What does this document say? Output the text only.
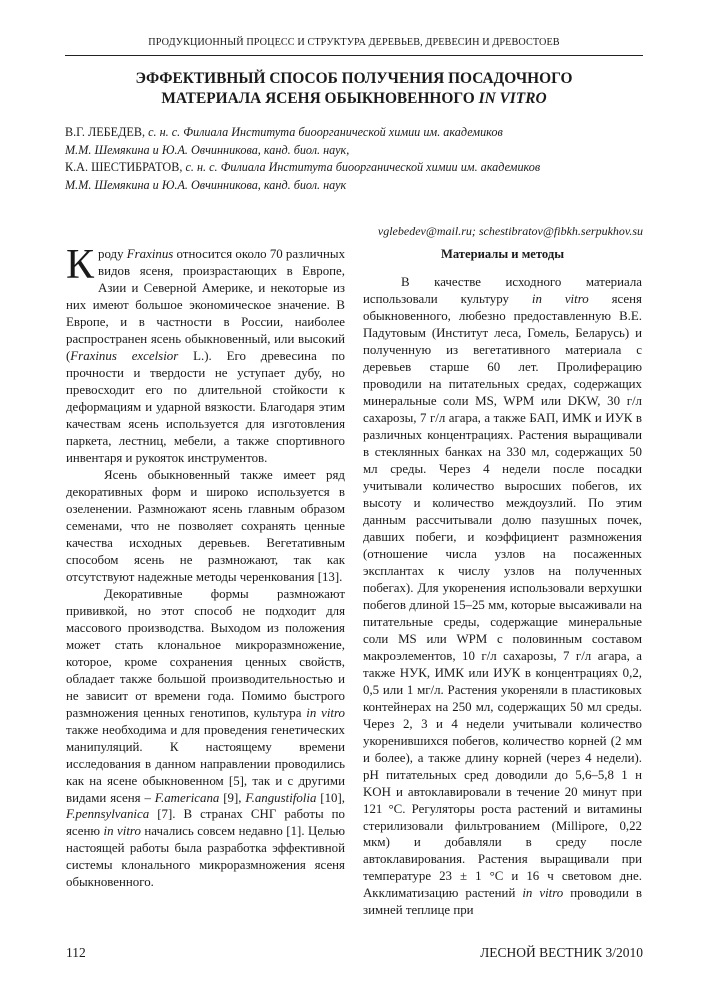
ПРОДУКЦИОННЫЙ ПРОЦЕСС И СТРУКТУРА ДЕРЕВЬЕВ, ДРЕВЕСИН И ДРЕВОСТОЕВ
ЭФФЕКТИВНЫЙ СПОСОБ ПОЛУЧЕНИЯ ПОСАДОЧНОГО
МАТЕРИАЛА ЯСЕНЯ ОБЫКНОВЕННОГО IN VITRO
В.Г. ЛЕБЕДЕВ, с. н. с. Филиала Института биоорганической химии им. академиков
М.М. Шемякина и Ю.А. Овчинникова, канд. биол. наук,
К.А. ШЕСТИБРАТОВ, с. н. с. Филиала Института биоорганической химии им. академиков
М.М. Шемякина и Ю.А. Овчинникова, канд. биол. наук
vglebedev@mail.ru; schestibratov@fibkh.serpukhov.su

Кроду Fraxinus относится около 70 различных видов ясеня, произрастающих в Европе, Азии и Северной Америке, и некоторые из них имеют большое экономическое значение. В Европе, и в частности в России, наиболее распространен ясень обыкновенный, или высокий (Fraxinus excelsior L.). Его древесина по прочности и твердости не уступает дубу, но превосходит его по длительной стойкости к деформациям и ударной вязкости. Благодаря этим качествам ясень используется для изготовления паркета, лестниц, мебели, а также спортивного инвентаря и рукояток инструментов.

Ясень обыкновенный также имеет ряд декоративных форм и широко используется в озеленении. Размножают ясень главным образом семенами, что не позволяет сохранять ценные качества исходных деревьев. Вегетативным способом ясень не размножают, так как отсутствуют надежные методы черенкования [13].

Декоративные формы размножают прививкой, но этот способ не подходит для массового производства. Выходом из положения может стать клональное микроразмножение, которое, кроме сохранения ценных свойств, обладает также большой производительностью и не зависит от времени года. Помимо быстрого размножения ценных генотипов, культура in vitro также необходима и для проведения генетических манипуляций. К настоящему времени исследования в данном направлении проводились как на ясене обыкновенном [5], так и с другими видами ясеня – F.americana [9], F.angustifolia [10], F.pennsylvanica [7]. В странах СНГ работы по ясеню in vitro начались совсем недавно [1]. Целью настоящей работы была разработка эффективной системы клонального микроразмножения ясеня обыкновенного.

Материалы и методы

В качестве исходного материала использовали культуру in vitro ясеня обыкновенного, любезно предоставленную В.Е. Падутовым (Институт леса, Гомель, Беларусь) и полученную из вегетативного материала с деревьев старше 60 лет. Пролиферацию проводили на питательных средах, содержащих минеральные соли MS, WPM или DKW, 30 г/л сахарозы, 7 г/л агара, а также БАП, ИМК и ИУК в различных концентрациях. Растения выращивали в стеклянных банках на 330 мл, содержащих 50 мл среды. Через 4 недели после посадки учитывали количество выросших побегов, их высоту и количество междоузлий. По этим данным рассчитывали долю пазушных почек, давших побеги, и коэффициент размножения (отношение числа узлов на посаженных эксплантах к числу узлов на полученных побегах). Для укоренения использовали верхушки побегов длиной 15–25 мм, которые высаживали на питательные среды, содержащие минеральные соли MS или WPM с половинным составом макроэлементов, 10 г/л сахарозы, 7 г/л агара, а также НУК, ИМК или ИУК в концентрациях 0,2, 0,5 или 1 мг/л. Растения укореняли в пластиковых контейнерах на 250 мл, содержащих 50 мл среды. Через 2, 3 и 4 недели учитывали количество укоренившихся побегов, количество корней (2 мм и более), а также длину корней (через 4 недели). pH питательных сред доводили до 5,6–5,8 1 н KOH и автоклавировали в течение 20 минут при 121 °С. Регуляторы роста растений и витамины стерилизовали фильтрованием (Millipore, 0,22 мкм) и добавляли в среду после автоклавирования. Растения выращивали при температуре 23 ± 1 °С и 16 ч световом дне. Акклиматизацию растений in vitro проводили в зимней теплице при

112	ЛЕСНОЙ ВЕСТНИК 3/2010
